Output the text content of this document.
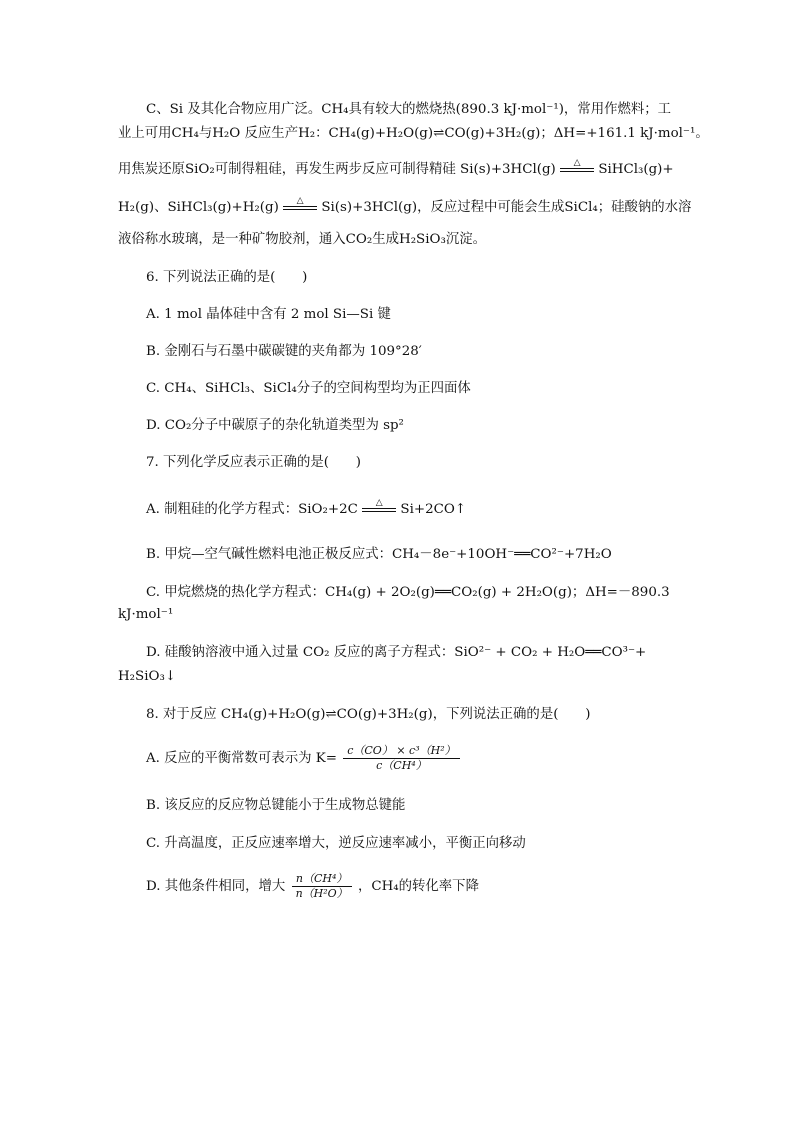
C、Si 及其化合物应用广泛。CH₄具有较大的燃烧热(890.3 kJ·mol⁻¹)，常用作燃料；工
业上可用CH₄与H₂O 反应生产H₂：CH₄(g)+H₂O(g)⇌CO(g)+3H₂(g)；ΔH=+161.1 kJ·mol⁻¹。
用焦炭还原SiO₂可制得粗硅，再发生两步反应可制得精硅 Si(s)+3HCl(g)	△	SiHCl₃(g)+
H₂(g)、SiHCl₃(g)+H₂(g)	△	Si(s)+3HCl(g)，反应过程中可能会生成SiCl₄；硅酸钠的水溶
液俗称水玻璃，是一种矿物胶剂，通入CO₂生成H₂SiO₃沉淀。
6. 下列说法正确的是(　　)
A. 1 mol 晶体硅中含有 2 mol Si—Si 键
B. 金刚石与石墨中碳碳键的夹角都为 109°28′
C. CH₄、SiHCl₃、SiCl₄分子的空间构型均为正四面体
D. CO₂分子中碳原子的杂化轨道类型为 sp²
7. 下列化学反应表示正确的是(　　)
A. 制粗硅的化学方程式：SiO₂+2C	△	Si+2CO↑
B. 甲烷—空气碱性燃料电池正极反应式：CH₄－8e⁻+10OH⁻══CO²⁻+7H₂O
C. 甲烷燃烧的热化学方程式：CH₄(g) + 2O₂(g)══CO₂(g) + 2H₂O(g)；ΔH=－890.3
kJ·mol⁻¹
D. 硅酸钠溶液中通入过量 CO₂ 反应的离子方程式：SiO²⁻ + CO₂ + H₂O══CO³⁻+
H₂SiO₃↓
8. 对于反应 CH₄(g)+H₂O(g)⇌CO(g)+3H₂(g)，下列说法正确的是(　　)
A. 反应的平衡常数可表示为 $K= \frac{\text{c（CO） × c³（H²）}}{\text{c（CH⁴）}}$
B. 该反应的反应物总键能小于生成物总键能
C. 升高温度，正反应速率增大，逆反应速率减小，平衡正向移动
D. 其他条件相同，增大 $\frac{\text{n（CH⁴）}}{\text{n（H²O）}}$ ，CH₄的转化率下降
